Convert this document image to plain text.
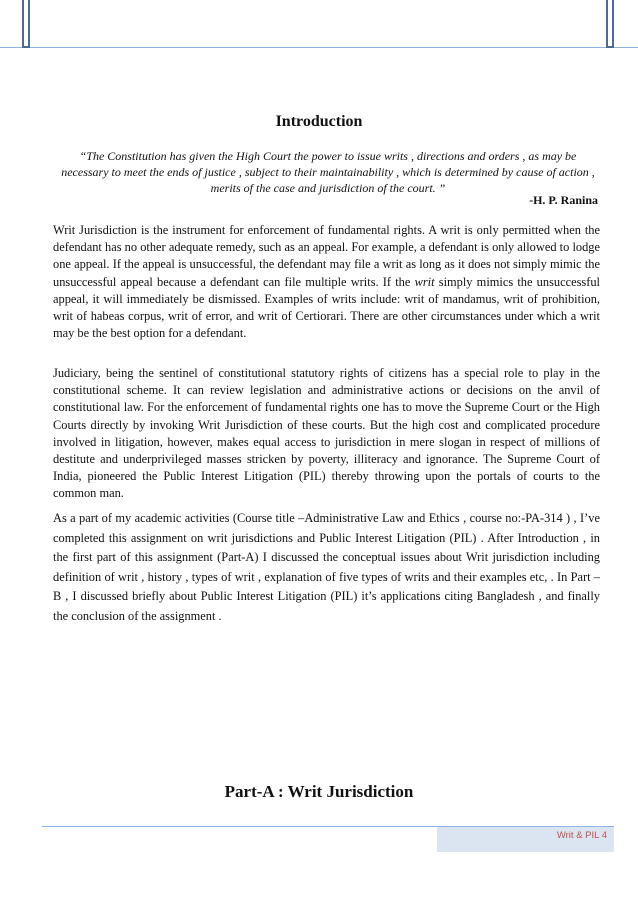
Introduction
“The Constitution has given the High Court the power to issue writs , directions and orders , as may be necessary to meet the ends of justice , subject to their maintainability , which is determined by cause of action , merits of the case and jurisdiction of the court. ”
-H. P. Ranina

Writ Jurisdiction is the instrument for enforcement of fundamental rights. A writ is only permitted when the defendant has no other adequate remedy, such as an appeal. For example, a defendant is only allowed to lodge one appeal. If the appeal is unsuccessful, the defendant may file a writ as long as it does not simply mimic the unsuccessful appeal because a defendant can file multiple writs. If the writ simply mimics the unsuccessful appeal, it will immediately be dismissed. Examples of writs include: writ of mandamus, writ of prohibition, writ of habeas corpus, writ of error, and writ of Certiorari. There are other circumstances under which a writ may be the best option for a defendant.

Judiciary, being the sentinel of constitutional statutory rights of citizens has a special role to play in the constitutional scheme. It can review legislation and administrative actions or decisions on the anvil of constitutional law. For the enforcement of fundamental rights one has to move the Supreme Court or the High Courts directly by invoking Writ Jurisdiction of these courts. But the high cost and complicated procedure involved in litigation, however, makes equal access to jurisdiction in mere slogan in respect of millions of destitute and underprivileged masses stricken by poverty, illiteracy and ignorance. The Supreme Court of India, pioneered the Public Interest Litigation (PIL) thereby throwing upon the portals of courts to the common man.

As a part of my academic activities (Course title –Administrative Law and Ethics , course no:-PA-314 ) , I’ve completed this assignment on writ jurisdictions and Public Interest Litigation (PIL) . After Introduction , in the first part of this assignment (Part-A) I discussed the conceptual issues about Writ jurisdiction including definition of writ , history , types of writ , explanation of five types of writs and their examples etc, . In Part –B , I discussed briefly about Public Interest Litigation (PIL) it’s applications citing Bangladesh , and finally the conclusion of the assignment .

Part-A : Writ Jurisdiction
Writ & PIL 4
